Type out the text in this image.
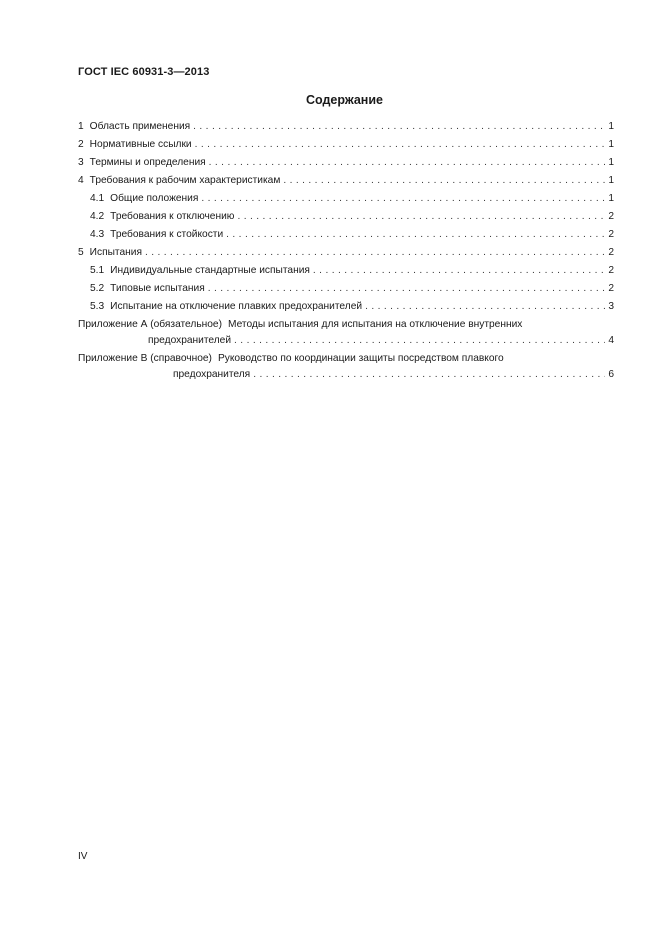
ГОСТ IEC 60931-3—2013
Содержание
1 Область применения . . .	1
2 Нормативные ссылки . . .	1
3 Термины и определения . . .	1
4 Требования к рабочим характеристикам . . .	1
4.1 Общие положения . . .	1
4.2 Требования к отключению . . .	2
4.3 Требования к стойкости . . .	2
5 Испытания . . .	2
5.1 Индивидуальные стандартные испытания . . .	2
5.2 Типовые испытания . . .	2
5.3 Испытание на отключение плавких предохранителей . . .	3
Приложение А (обязательное) Методы испытания для испытания на отключение внутренних
предохранителей . . .	4
Приложение В (справочное) Руководство по координации защиты посредством плавкого
предохранителя . . .	6
IV
